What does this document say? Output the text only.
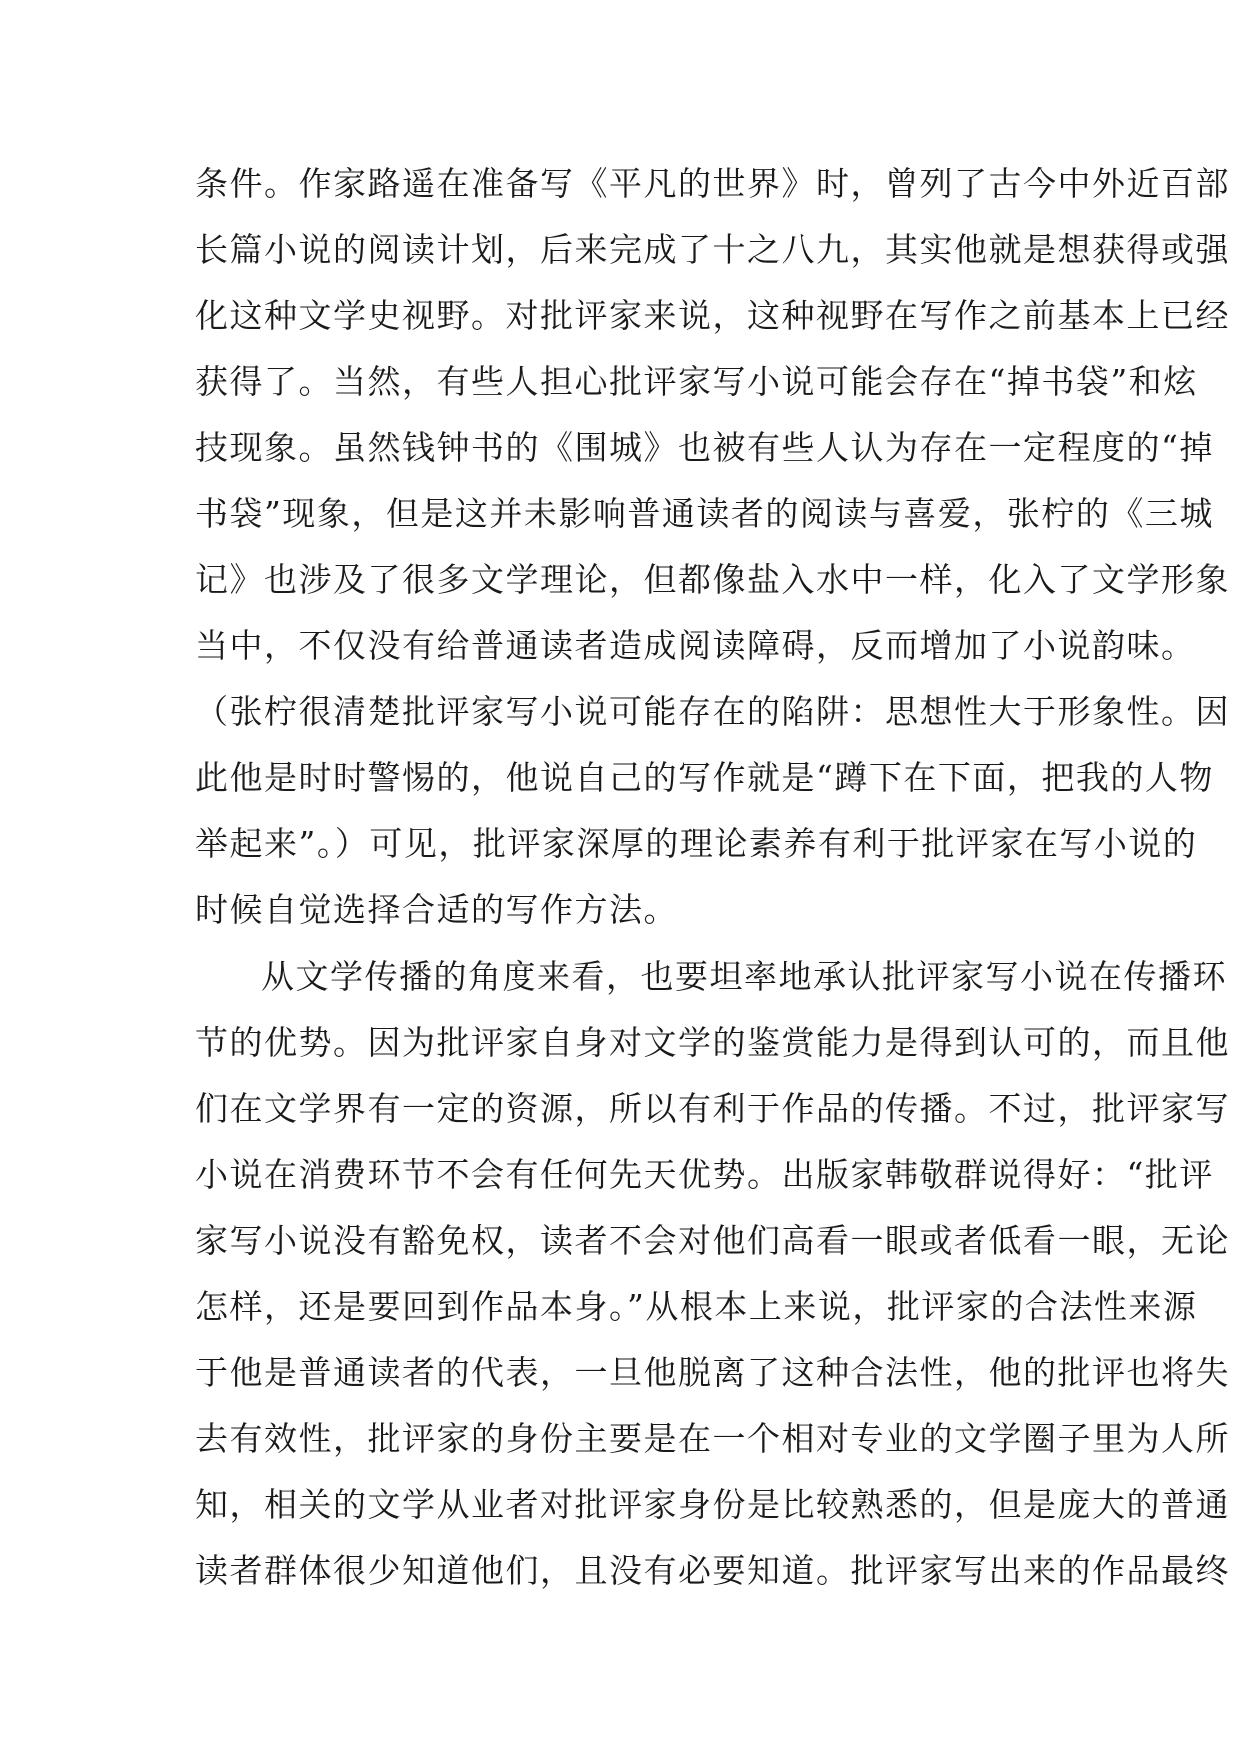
条件。作家路遥在准备写《平凡的世界》时，曾列了古今中外近百部
长篇小说的阅读计划，后来完成了十之八九，其实他就是想获得或强
化这种文学史视野。对批评家来说，这种视野在写作之前基本上已经
获得了。当然，有些人担心批评家写小说可能会存在“掉书袋”和炫
技现象。虽然钱钟书的《围城》也被有些人认为存在一定程度的“掉
书袋”现象，但是这并未影响普通读者的阅读与喜爱，张柠的《三城
记》也涉及了很多文学理论，但都像盐入水中一样，化入了文学形象
当中，不仅没有给普通读者造成阅读障碍，反而增加了小说韵味。
（张柠很清楚批评家写小说可能存在的陷阱：思想性大于形象性。因
此他是时时警惕的，他说自己的写作就是“蹲下在下面，把我的人物
举起来”。）可见，批评家深厚的理论素养有利于批评家在写小说的
时候自觉选择合适的写作方法。
从文学传播的角度来看，也要坦率地承认批评家写小说在传播环
节的优势。因为批评家自身对文学的鉴赏能力是得到认可的，而且他
们在文学界有一定的资源，所以有利于作品的传播。不过，批评家写
小说在消费环节不会有任何先天优势。出版家韩敬群说得好：“批评
家写小说没有豁免权，读者不会对他们高看一眼或者低看一眼，无论
怎样，还是要回到作品本身。”从根本上来说，批评家的合法性来源
于他是普通读者的代表，一旦他脱离了这种合法性，他的批评也将失
去有效性，批评家的身份主要是在一个相对专业的文学圈子里为人所
知，相关的文学从业者对批评家身份是比较熟悉的，但是庞大的普通
读者群体很少知道他们，且没有必要知道。批评家写出来的作品最终
